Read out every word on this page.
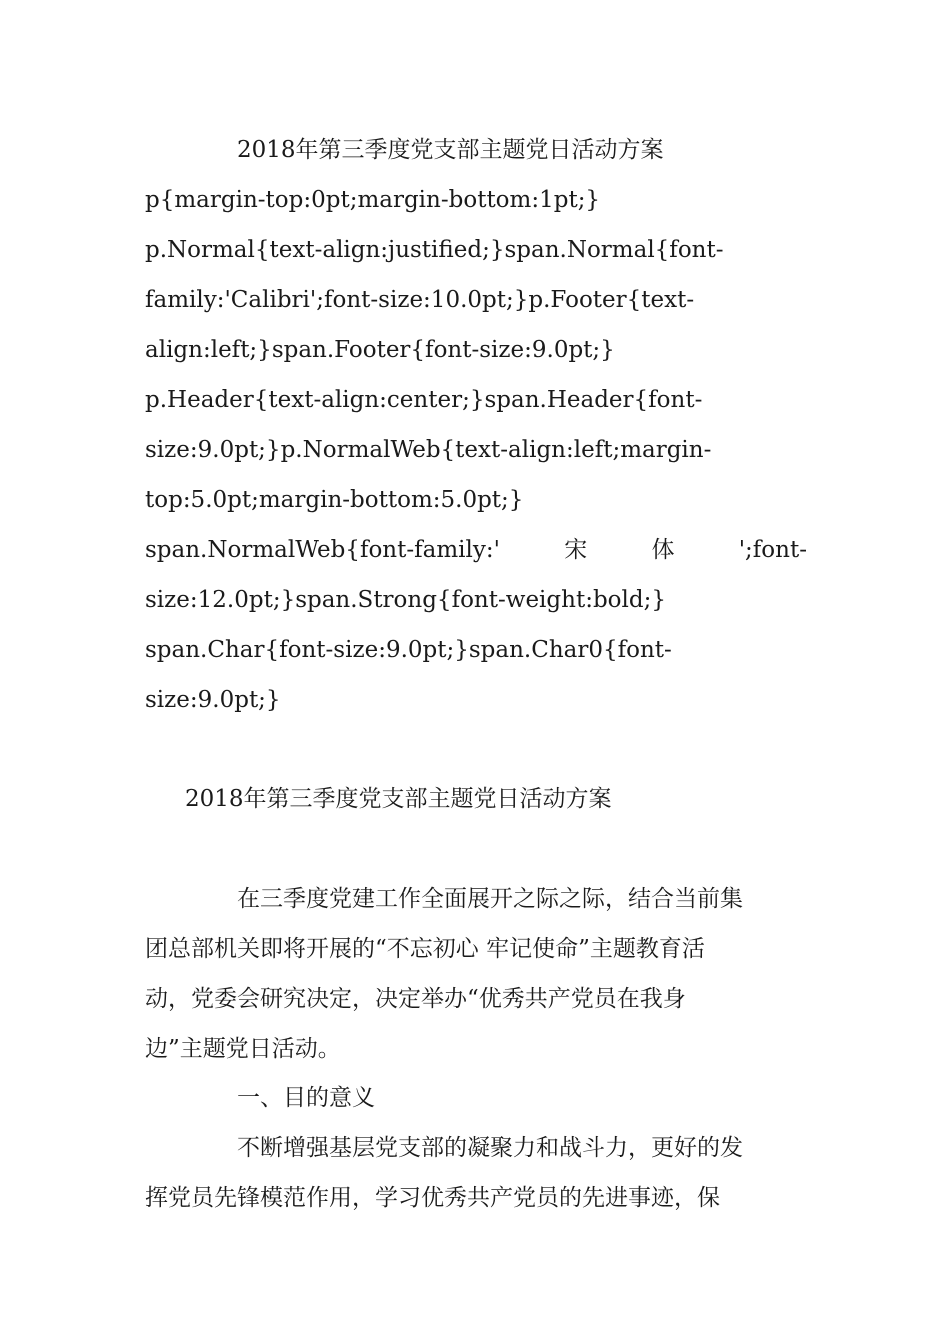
2018年第三季度党支部主题党日活动方案
p{margin-top:0pt;margin-bottom:1pt;}
p.Normal{text-align:justified;}span.Normal{font-
family:'Calibri';font-size:10.0pt;}p.Footer{text-
align:left;}span.Footer{font-size:9.0pt;}
p.Header{text-align:center;}span.Header{font-
size:9.0pt;}p.NormalWeb{text-align:left;margin-
top:5.0pt;margin-bottom:5.0pt;}
span.NormalWeb{font-family:'	宋	体	';font-
size:12.0pt;}span.Strong{font-weight:bold;}
span.Char{font-size:9.0pt;}span.Char0{font-
size:9.0pt;}
2018年第三季度党支部主题党日活动方案
在三季度党建工作全面展开之际之际，结合当前集
团总部机关即将开展的“不忘初心 牢记使命”主题教育活
动，党委会研究决定，决定举办“优秀共产党员在我身
边”主题党日活动。
一、目的意义
不断增强基层党支部的凝聚力和战斗力，更好的发
挥党员先锋模范作用，学习优秀共产党员的先进事迹，保
